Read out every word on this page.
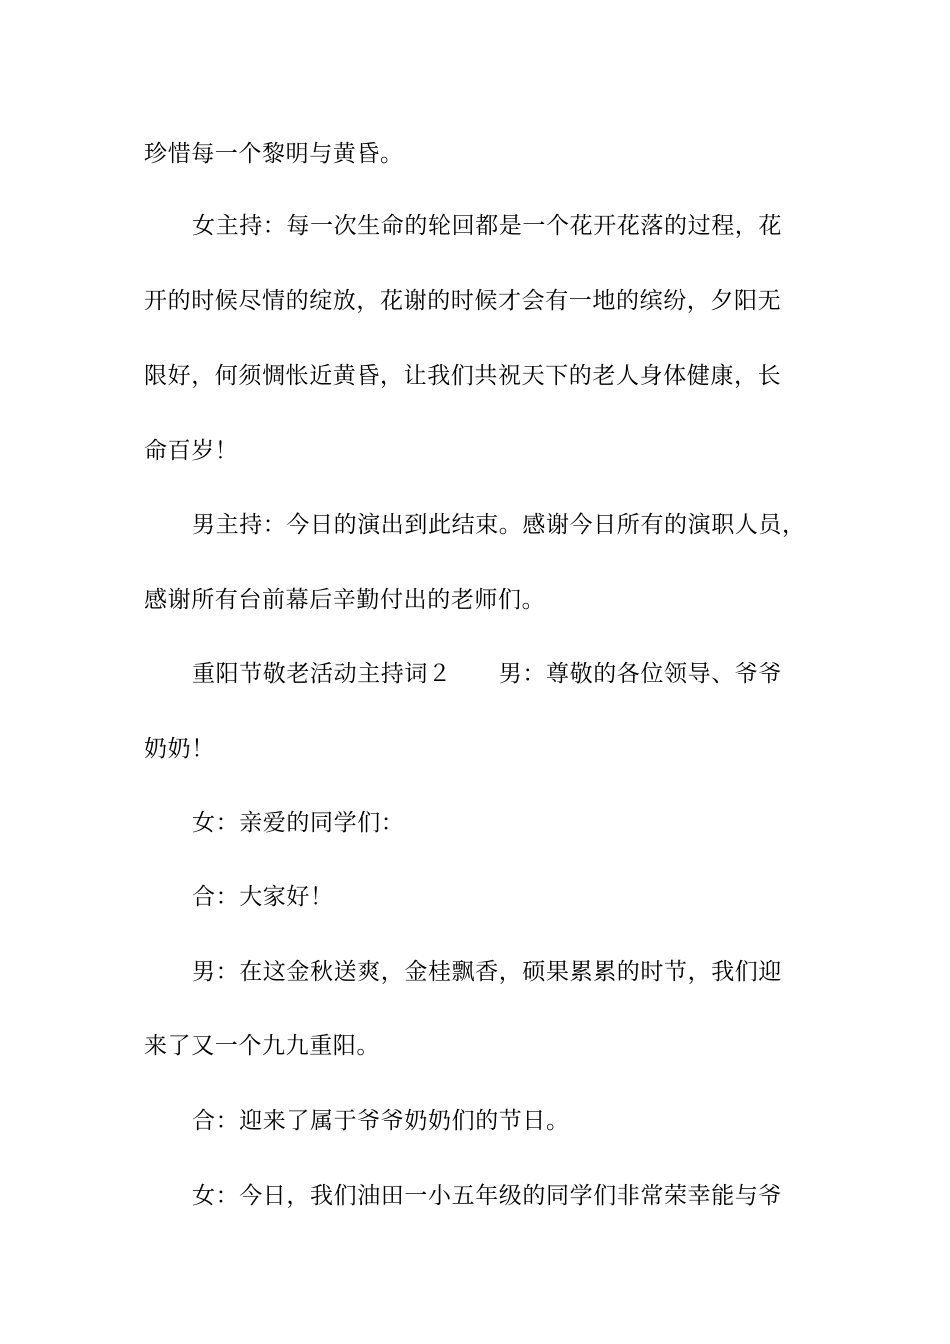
珍惜每一个黎明与黄昏。
女主持：每一次生命的轮回都是一个花开花落的过程，花
开的时候尽情的绽放，花谢的时候才会有一地的缤纷，夕阳无
限好，何须惆怅近黄昏，让我们共祝天下的老人身体健康，长
命百岁！
男主持：今日的演出到此结束。感谢今日所有的演职人员，
感谢所有台前幕后辛勤付出的老师们。
重阳节敬老活动主持词２　　男：尊敬的各位领导、爷爷
奶奶！
女：亲爱的同学们：
合：大家好！
男：在这金秋送爽，金桂飘香，硕果累累的时节，我们迎
来了又一个九九重阳。
合：迎来了属于爷爷奶奶们的节日。
女：今日，我们油田一小五年级的同学们非常荣幸能与爷
